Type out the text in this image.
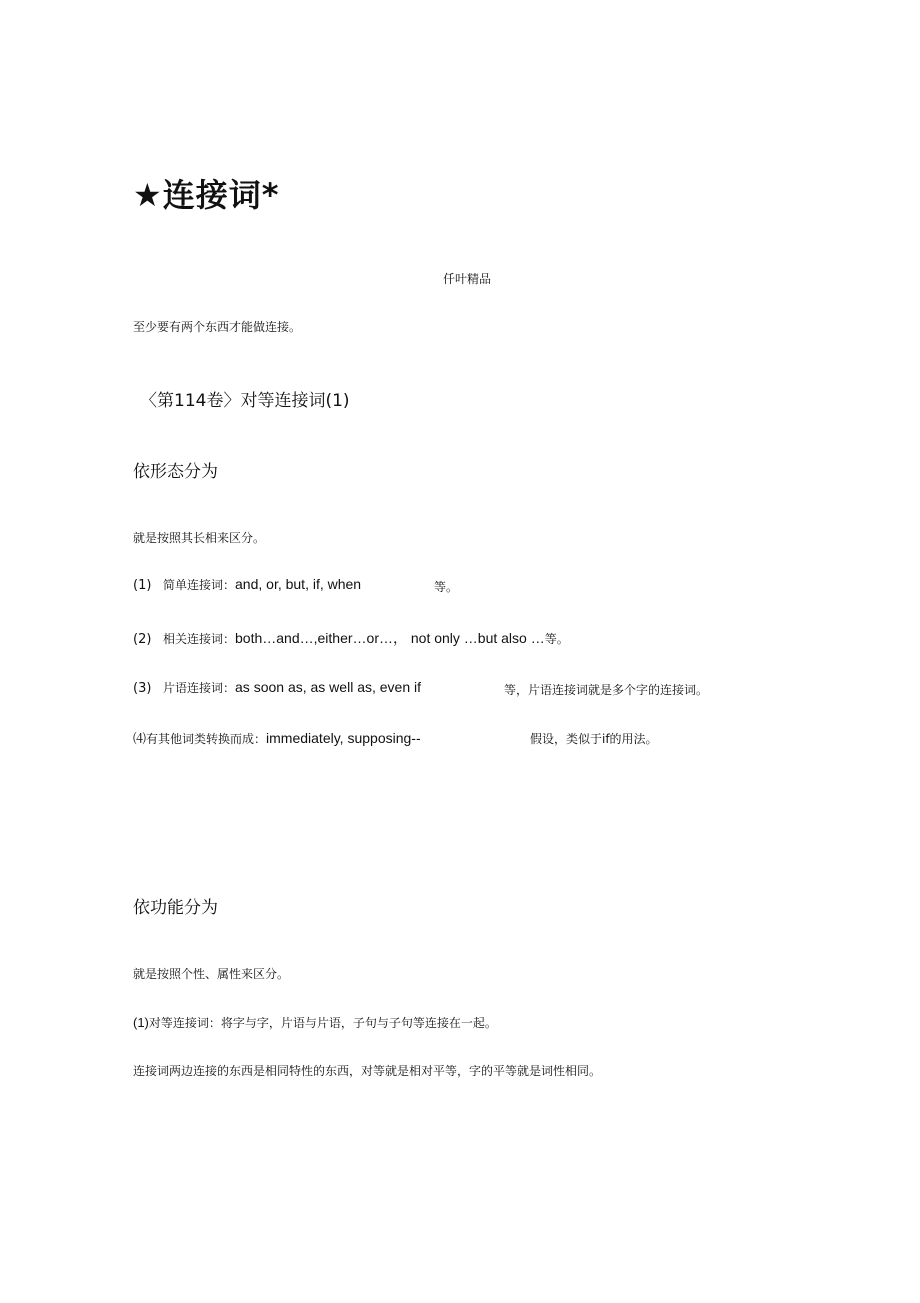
★连接词*
仟叶精品
至少要有两个东西才能做连接。
〈第114卷〉对等连接词(1)
依形态分为
就是按照其长相来区分。
(1) 简单连接词：and, or, but, if, when	等。
(2) 相关连接词：both…and…,either…or…， not only …but also …等。
(3) 片语连接词：as soon as, as well as, even if	等，片语连接词就是多个字的连接词。
⑷有其他词类转换而成：immediately, supposing--	假设，类似于if的用法。
依功能分为
就是按照个性、属性来区分。
(1)对等连接词：将字与字，片语与片语，子句与子句等连接在一起。
连接词两边连接的东西是相同特性的东西，对等就是相对平等，字的平等就是词性相同。
